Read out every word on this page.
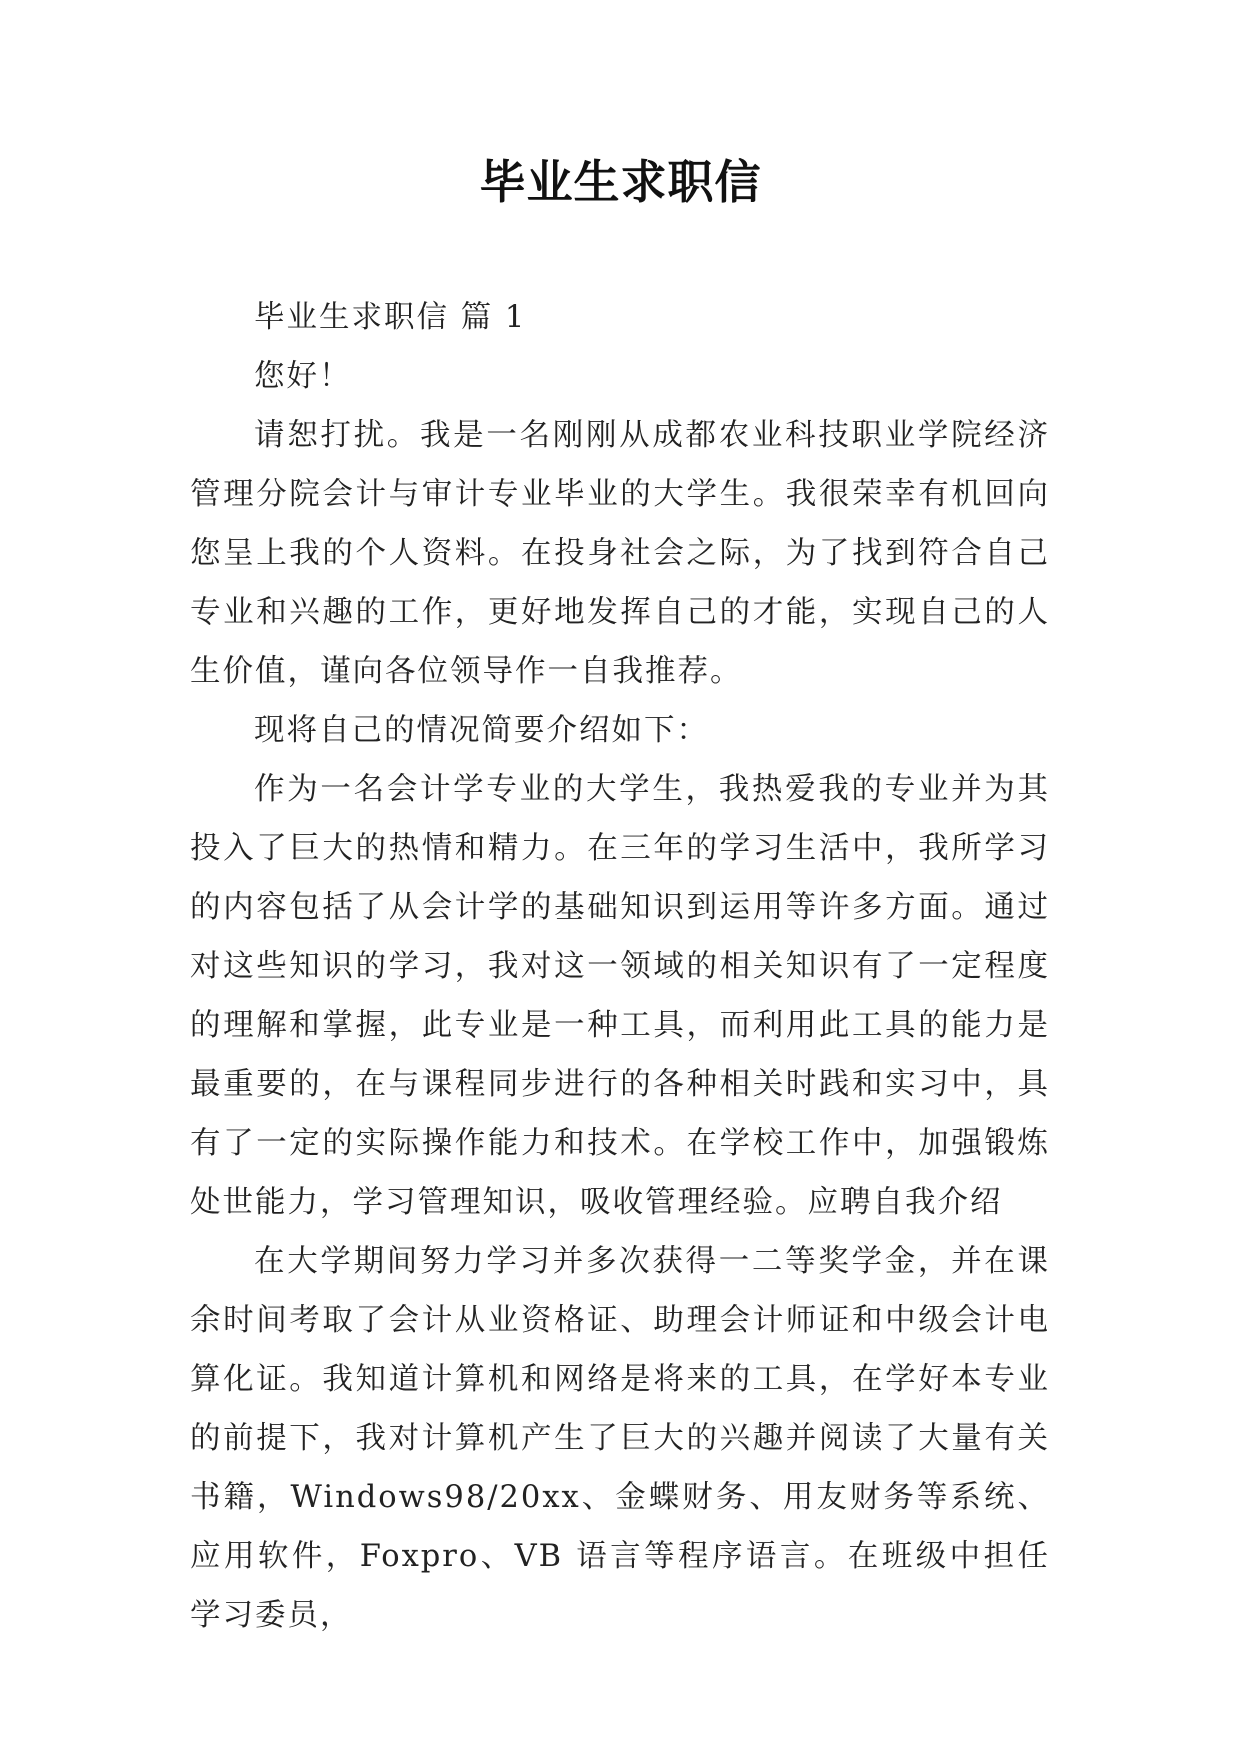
毕业生求职信

毕业生求职信 篇 1

您好！

请恕打扰。我是一名刚刚从成都农业科技职业学院经济管理分院会计与审计专业毕业的大学生。我很荣幸有机回向您呈上我的个人资料。在投身社会之际，为了找到符合自己专业和兴趣的工作，更好地发挥自己的才能，实现自己的人生价值，谨向各位领导作一自我推荐。

现将自己的情况简要介绍如下：

作为一名会计学专业的大学生，我热爱我的专业并为其投入了巨大的热情和精力。在三年的学习生活中，我所学习的内容包括了从会计学的基础知识到运用等许多方面。通过对这些知识的学习，我对这一领域的相关知识有了一定程度的理解和掌握，此专业是一种工具，而利用此工具的能力是最重要的，在与课程同步进行的各种相关时践和实习中，具有了一定的实际操作能力和技术。在学校工作中，加强锻炼处世能力，学习管理知识，吸收管理经验。应聘自我介绍

在大学期间努力学习并多次获得一二等奖学金，并在课余时间考取了会计从业资格证、助理会计师证和中级会计电算化证。我知道计算机和网络是将来的工具，在学好本专业的前提下，我对计算机产生了巨大的兴趣并阅读了大量有关书籍，Windows98/20xx、金蝶财务、用友财务等系统、应用软件，Foxpro、VB 语言等程序语言。在班级中担任学习委员，
